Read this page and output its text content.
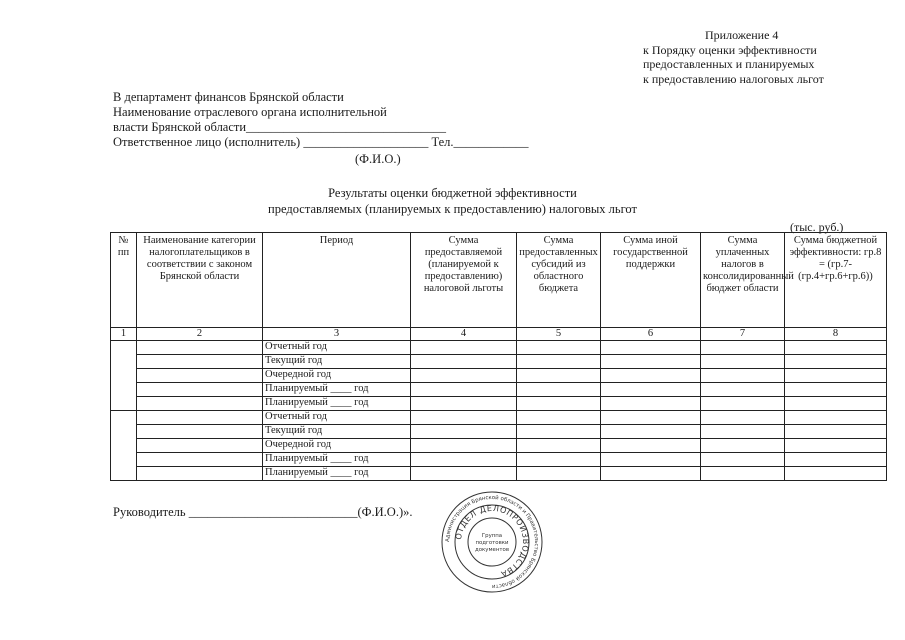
Приложение 4
к Порядку оценки эффективности
предоставленных и планируемых
к предоставлению налоговых льгот
В департамент финансов Брянской области
Наименование отраслевого органа исполнительной
власти Брянской области________________________________
Ответственное лицо (исполнитель) ____________________ Тел.____________
(Ф.И.О.)
Результаты оценки бюджетной эффективности
предоставляемых (планируемых к предоставлению) налоговых льгот
(тыс. руб.)
№ пп	Наименование категории налогоплательщиков в соответствии с законом Брянской области	Период	Сумма предоставляемой (планируемой к предоставлению) налоговой льготы	Сумма предоставленных субсидий из областного бюджета	Сумма иной государственной поддержки	Сумма уплаченных налогов в консолидированный бюджет области	Сумма бюджетной эффективности: гр.8 = (гр.7-(гр.4+гр.6+гр.6))
1	2	3	4	5	6	7	8
		Отчетный год					
		Текущий год					
		Очередной год					
		Планируемый ____ год					
		Планируемый ____ год					
		Отчетный год					
		Текущий год					
		Очередной год					
		Планируемый ____ год					
		Планируемый ____ год					
Руководитель ___________________________(Ф.И.О.)».
Администрация Брянской области и Правительство Брянской области
ОТДЕЛ ДЕЛОПРОИЗВОДСТВА
Группа
подготовки
документов
